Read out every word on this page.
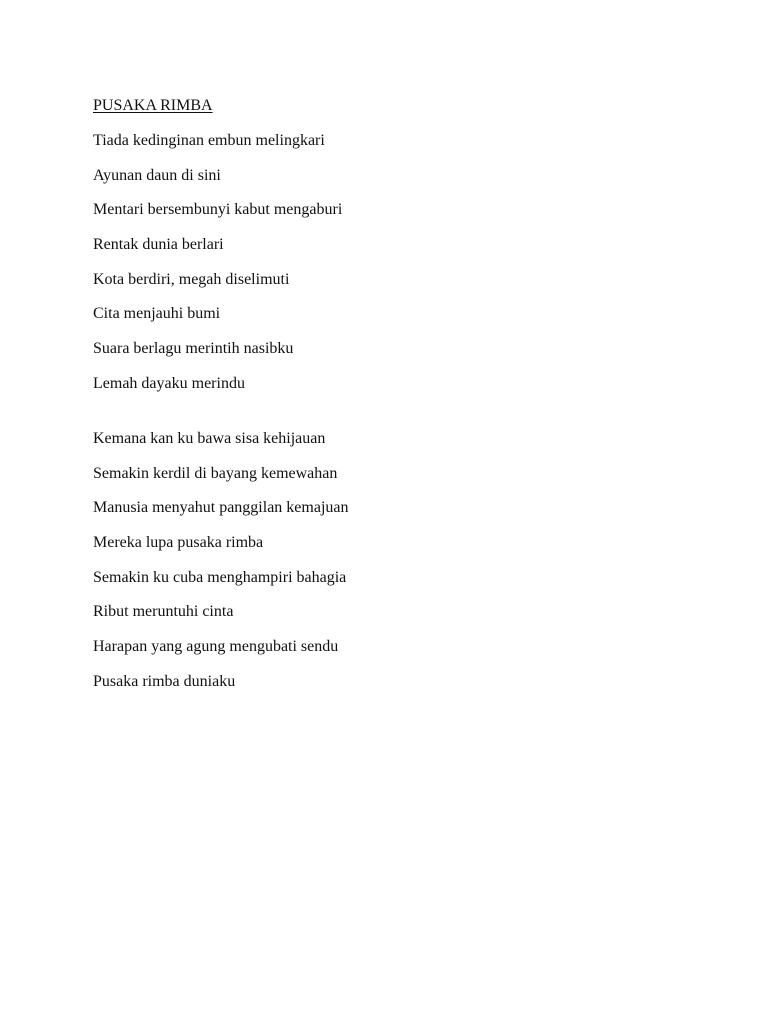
PUSAKA RIMBA
Tiada kedinginan embun melingkari
Ayunan daun di sini
Mentari bersembunyi kabut mengaburi
Rentak dunia berlari
Kota berdiri, megah diselimuti
Cita menjauhi bumi
Suara berlagu merintih nasibku
Lemah dayaku merindu
Kemana kan ku bawa sisa kehijauan
Semakin kerdil di bayang kemewahan
Manusia menyahut panggilan kemajuan
Mereka lupa pusaka rimba
Semakin ku cuba menghampiri bahagia
Ribut meruntuhi cinta
Harapan yang agung mengubati sendu
Pusaka rimba duniaku
